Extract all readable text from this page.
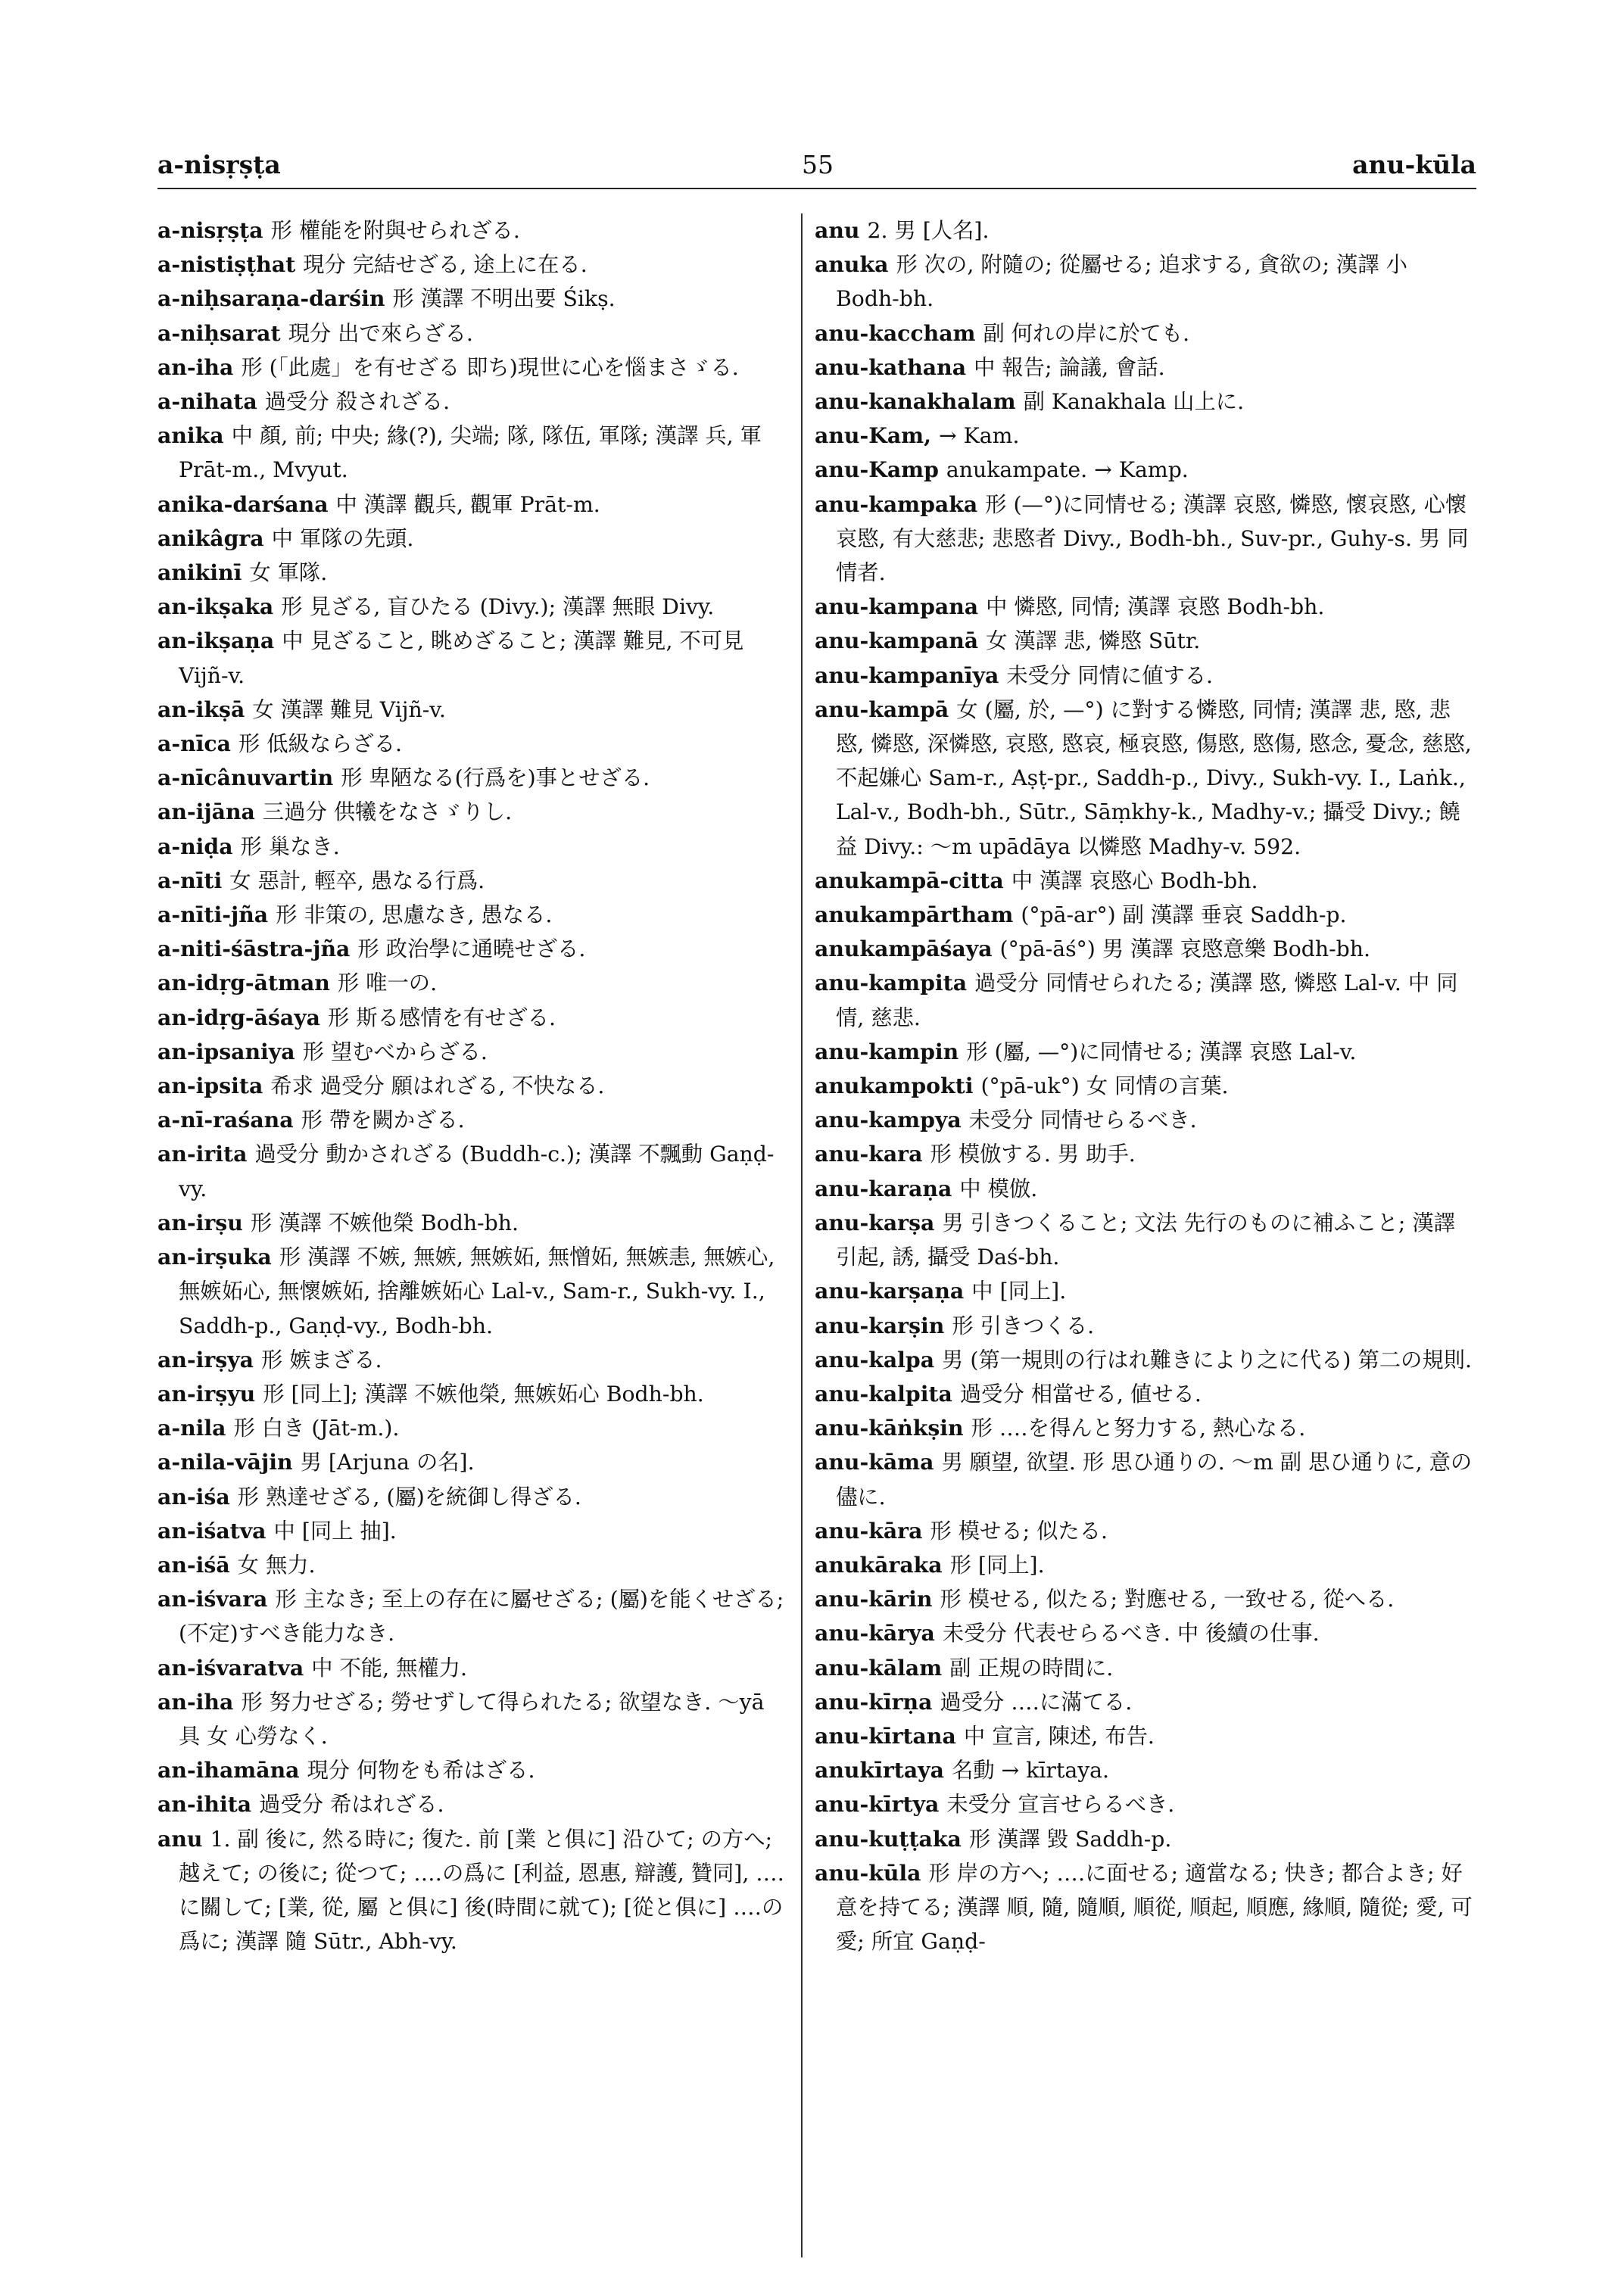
a-nisṛṣṭa	55	anu-kūla

a-nisṛṣṭa 形 權能を附與せられざる.

a-nistiṣṭhat 現分 完結せざる, 途上に在る.

a-niḥsaraṇa-darśin 形 漢譯 不明出要 Śikṣ.

a-niḥsarat 現分 出で來らざる.

an-iha 形 (「此處」を有せざる 即ち)現世に心を惱まさゞる.

a-nihata 過受分 殺されざる.

anika 中 顏, 前; 中央; 緣(?), 尖端; 隊, 隊伍, 軍隊; 漢譯 兵, 軍 Prāt-m., Mvyut.

anika-darśana 中 漢譯 觀兵, 觀軍 Prāt-m.

anikâgra 中 軍隊の先頭.

anikinī 女 軍隊.

an-ikṣaka 形 見ざる, 盲ひたる (Divy.); 漢譯 無眼 Divy.

an-ikṣaṇa 中 見ざること, 眺めざること; 漢譯 難見, 不可見 Vijñ-v.

an-ikṣā 女 漢譯 難見 Vijñ-v.

a-nīca 形 低級ならざる.

a-nīcânuvartin 形 卑陋なる(行爲を)事とせざる.

an-ijāna 三過分 供犧をなさゞりし.

a-niḍa 形 巢なき.

a-nīti 女 惡計, 輕卒, 愚なる行爲.

a-nīti-jña 形 非策の, 思慮なき, 愚なる.

a-niti-śāstra-jña 形 政治學に通曉せざる.

an-idṛg-ātman 形 唯一の.

an-idṛg-āśaya 形 斯る感情を有せざる.

an-ipsaniya 形 望むべからざる.

an-ipsita 希求 過受分 願はれざる, 不快なる.

a-nī-raśana 形 帶を闕かざる.

an-irita 過受分 動かされざる (Buddh-c.); 漢譯 不飄動 Gaṇḍ-vy.

an-irṣu 形 漢譯 不嫉他榮 Bodh-bh.

an-irṣuka 形 漢譯 不嫉, 無嫉, 無嫉妬, 無憎妬, 無嫉恚, 無嫉心, 無嫉妬心, 無懷嫉妬, 捨離嫉妬心 Lal-v., Sam-r., Sukh-vy. I., Saddh-p., Gaṇḍ-vy., Bodh-bh.

an-irṣya 形 嫉まざる.

an-irṣyu 形 [同上]; 漢譯 不嫉他榮, 無嫉妬心 Bodh-bh.

a-nila 形 白き (Jāt-m.).

a-nila-vājin 男 [Arjuna の名].

an-iśa 形 熟達せざる, (屬)を統御し得ざる.

an-iśatva 中 [同上 抽].

an-iśā 女 無力.

an-iśvara 形 主なき; 至上の存在に屬せざる; (屬)を能くせざる; (不定)すべき能力なき.

an-iśvaratva 中 不能, 無權力.

an-iha 形 努力せざる; 勞せずして得られたる; 欲望なき. ～yā 具 女 心勞なく.

an-ihamāna 現分 何物をも希はざる.

an-ihita 過受分 希はれざる.

anu 1. 副 後に, 然る時に; 復た. 前 [業 と俱に] 沿ひて; の方へ; 越えて; の後に; 從つて; ‥‥の爲に [利益, 恩惠, 辯護, 贊同], ‥‥に關して; [業, 從, 屬 と俱に] 後(時間に就て); [從と俱に] ‥‥の爲に; 漢譯 隨 Sūtr., Abh-vy.

anu 2. 男 [人名].

anuka 形 次の, 附隨の; 從屬せる; 追求する, 貪欲の; 漢譯 小 Bodh-bh.

anu-kaccham 副 何れの岸に於ても.

anu-kathana 中 報告; 論議, 會話.

anu-kanakhalam 副 Kanakhala 山上に.

anu-Kam, → Kam.

anu-Kamp anukampate. → Kamp.

anu-kampaka 形 (—°)に同情せる; 漢譯 哀愍, 憐愍, 懷哀愍, 心懷哀愍, 有大慈悲; 悲愍者 Divy., Bodh-bh., Suv-pr., Guhy-s. 男 同情者.

anu-kampana 中 憐愍, 同情; 漢譯 哀愍 Bodh-bh.

anu-kampanā 女 漢譯 悲, 憐愍 Sūtr.

anu-kampanīya 未受分 同情に値する.

anu-kampā 女 (屬, 於, —°) に對する憐愍, 同情; 漢譯 悲, 愍, 悲愍, 憐愍, 深憐愍, 哀愍, 愍哀, 極哀愍, 傷愍, 愍傷, 愍念, 憂念, 慈愍, 不起嫌心 Sam-r., Aṣṭ-pr., Saddh-p., Divy., Sukh-vy. I., Laṅk., Lal-v., Bodh-bh., Sūtr., Sāṃkhy-k., Madhy-v.; 攝受 Divy.; 饒益 Divy.: ～m upādāya 以憐愍 Madhy-v. 592.

anukampā-citta 中 漢譯 哀愍心 Bodh-bh.

anukampārtham (°pā-ar°) 副 漢譯 垂哀 Saddh-p.

anukampāśaya (°pā-āś°) 男 漢譯 哀愍意樂 Bodh-bh.

anu-kampita 過受分 同情せられたる; 漢譯 愍, 憐愍 Lal-v. 中 同情, 慈悲.

anu-kampin 形 (屬, —°)に同情せる; 漢譯 哀愍 Lal-v.

anukampokti (°pā-uk°) 女 同情の言葉.

anu-kampya 未受分 同情せらるべき.

anu-kara 形 模倣する. 男 助手.

anu-karaṇa 中 模倣.

anu-karṣa 男 引きつくること; 文法 先行のものに補ふこと; 漢譯 引起, 誘, 攝受 Daś-bh.

anu-karṣaṇa 中 [同上].

anu-karṣin 形 引きつくる.

anu-kalpa 男 (第一規則の行はれ難きにより之に代る) 第二の規則.

anu-kalpita 過受分 相當せる, 値せる.

anu-kāṅkṣin 形 ‥‥を得んと努力する, 熱心なる.

anu-kāma 男 願望, 欲望. 形 思ひ通りの. ～m 副 思ひ通りに, 意の儘に.

anu-kāra 形 模せる; 似たる.

anukāraka 形 [同上].

anu-kārin 形 模せる, 似たる; 對應せる, 一致せる, 從へる.

anu-kārya 未受分 代表せらるべき. 中 後續の仕事.

anu-kālam 副 正規の時間に.

anu-kīrṇa 過受分 ‥‥に滿てる.

anu-kīrtana 中 宣言, 陳述, 布告.

anukīrtaya 名動 → kīrtaya.

anu-kīrtya 未受分 宣言せらるべき.

anu-kuṭṭaka 形 漢譯 毀 Saddh-p.

anu-kūla 形 岸の方へ; ‥‥に面せる; 適當なる; 快き; 都合よき; 好意を持てる; 漢譯 順, 隨, 隨順, 順從, 順起, 順應, 緣順, 隨從; 愛, 可愛; 所宜 Gaṇḍ-
